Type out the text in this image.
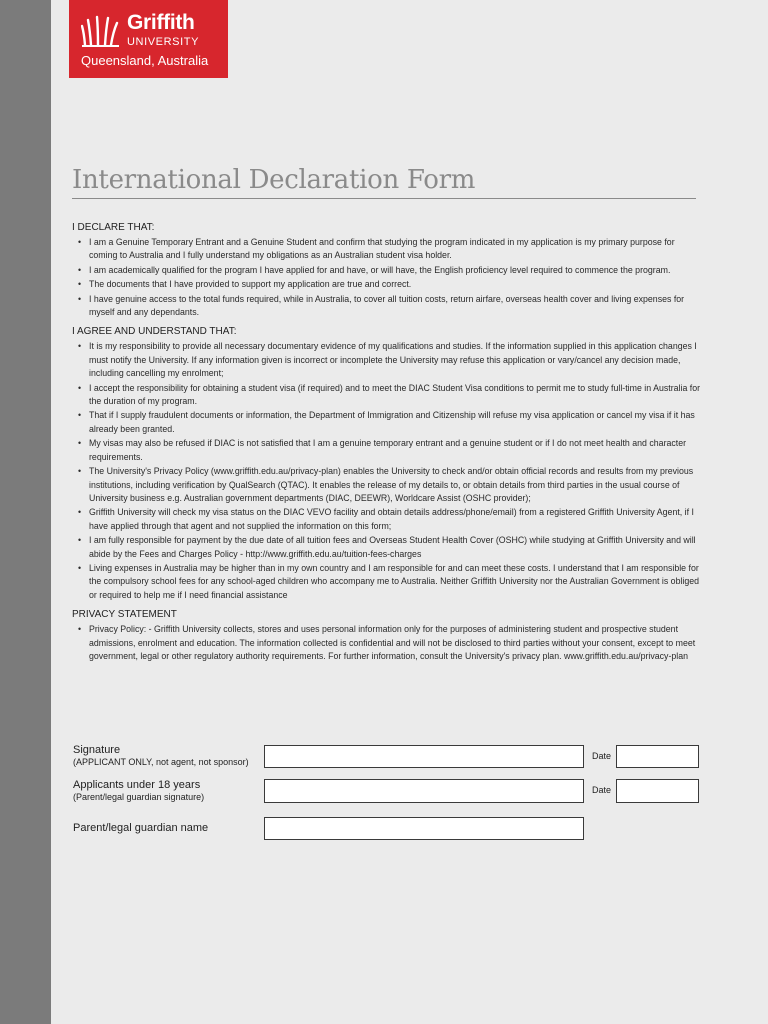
Griffith
UNIVERSITY
Queensland, Australia
International Declaration Form
I DECLARE THAT:
• I am a Genuine Temporary Entrant and a Genuine Student and confirm that studying the program indicated in my application is my primary purpose for coming to Australia and I fully understand my obligations as an Australian student visa holder.
• I am academically qualified for the program I have applied for and have, or will have, the English proficiency level required to commence the program.
• The documents that I have provided to support my application are true and correct.
• I have genuine access to the total funds required, while in Australia, to cover all tuition costs, return airfare, overseas health cover and living expenses for myself and any dependants.
I AGREE AND UNDERSTAND THAT:
• It is my responsibility to provide all necessary documentary evidence of my qualifications and studies. If the information supplied in this application changes I must notify the University. If any information given is incorrect or incomplete the University may refuse this application or vary/cancel any decision made, including cancelling my enrolment;
• I accept the responsibility for obtaining a student visa (if required) and to meet the DIAC Student Visa conditions to permit me to study full-time in Australia for the duration of my program.
• That if I supply fraudulent documents or information, the Department of Immigration and Citizenship will refuse my visa application or cancel my visa if it has already been granted.
• My visas may also be refused if DIAC is not satisfied that I am a genuine temporary entrant and a genuine student or if I do not meet health and character requirements.
• The University's Privacy Policy (www.griffith.edu.au/privacy-plan) enables the University to check and/or obtain official records and results from my previous institutions, including verification by QualSearch (QTAC). It enables the release of my details to, or obtain details from third parties in the usual course of University business e.g. Australian government departments (DIAC, DEEWR), Worldcare Assist (OSHC provider);
• Griffith University will check my visa status on the DIAC VEVO facility and obtain details address/phone/email) from a registered Griffith University Agent, if I have applied through that agent and not supplied the information on this form;
• I am fully responsible for payment by the due date of all tuition fees and Overseas Student Health Cover (OSHC) while studying at Griffith University and will abide by the Fees and Charges Policy - http://www.griffith.edu.au/tuition-fees-charges
• Living expenses in Australia may be higher than in my own country and I am responsible for and can meet these costs. I understand that I am responsible for the compulsory school fees for any school-aged children who accompany me to Australia. Neither Griffith University nor the Australian Government is obliged or required to help me if I need financial assistance
PRIVACY STATEMENT
• Privacy Policy: - Griffith University collects, stores and uses personal information only for the purposes of administering student and prospective student admissions, enrolment and education. The information collected is confidential and will not be disclosed to third parties without your consent, except to meet government, legal or other regulatory authority requirements. For further information, consult the University's privacy plan. www.griffith.edu.au/privacy-plan
Signature
(APPLICANT ONLY, not agent, not sponsor)
Date
Applicants under 18 years
(Parent/legal guardian signature)
Date
Parent/legal guardian name
